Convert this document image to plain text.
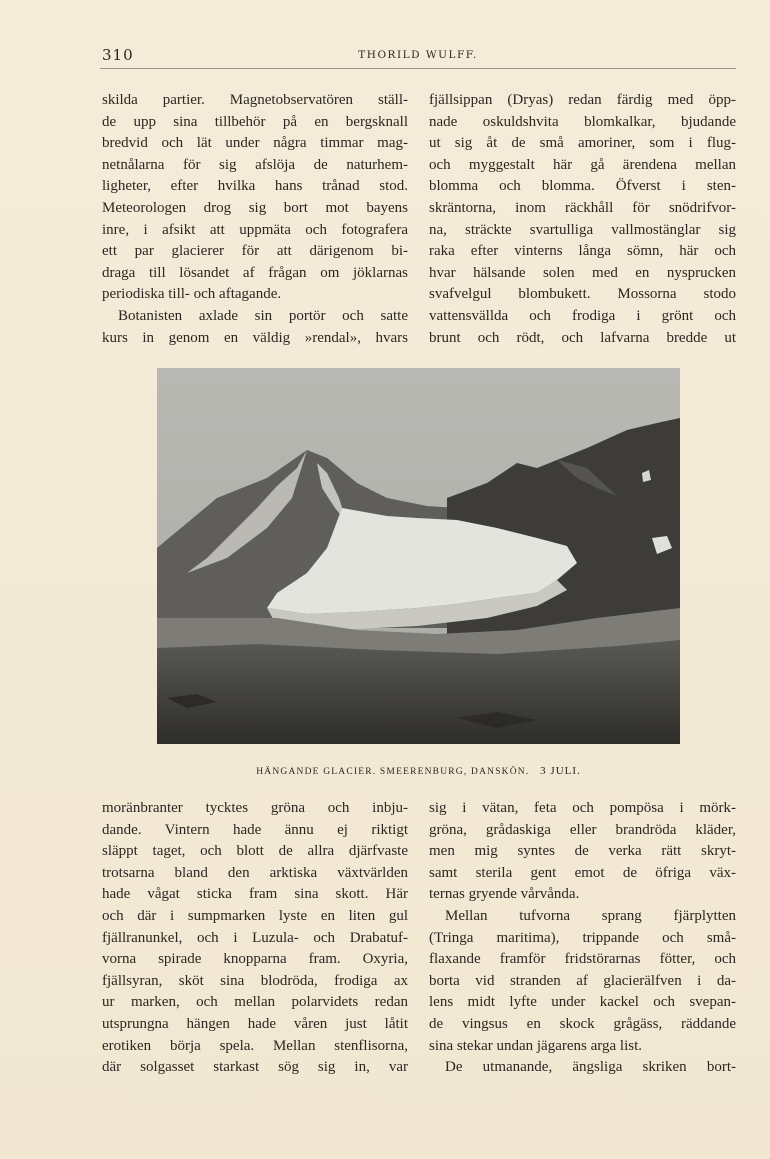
310	THORILD WULFF.
skilda partier. Magnetobservatören ställ-
de upp sina tillbehör på en bergsknall
bredvid och lät under några timmar mag-
netnålarna för sig afslöja de naturhem-
ligheter, efter hvilka hans trånad stod.
Meteorologen drog sig bort mot bayens
inre, i afsikt att uppmäta och fotografera
ett par glacierer för att därigenom bi-
draga till lösandet af frågan om jöklarnas
periodiska till- och aftagande.
Botanisten axlade sin portör och satte
kurs in genom en väldig »rendal», hvars
fjällsippan (Dryas) redan färdig med öpp-
nade oskuldshvita blomkalkar, bjudande
ut sig åt de små amoriner, som i flug-
och myggestalt här gå ärendena mellan
blomma och blomma. Öfverst i sten-
skräntorna, inom räckhåll för snödrifvor-
na, sträckte svartulliga vallmostänglar sig
raka efter vinterns långa sömn, här och
hvar hälsande solen med en nysprucken
svafvelgul blombukett. Mossorna stodo
vattensvällda och frodiga i grönt och
brunt och rödt, och lafvarna bredde ut
HÄNGANDE GLACIER. SMEERENBURG, DANSKÖN. 3 JULI.
moränbranter tycktes gröna och inbju-
dande. Vintern hade ännu ej riktigt
släppt taget, och blott de allra djärfvaste
trotsarna bland den arktiska växtvärlden
hade vågat sticka fram sina skott. Här
och där i sumpmarken lyste en liten gul
fjällranunkel, och i Luzula- och Drabatuf-
vorna spirade knopparna fram. Oxyria,
fjällsyran, sköt sina blodröda, frodiga ax
ur marken, och mellan polarvidets redan
utsprungna hängen hade våren just låtit
erotiken börja spela. Mellan stenflisorna,
där solgasset starkast sög sig in, var
sig i vätan, feta och pompösa i mörk-
gröna, grådaskiga eller brandröda kläder,
men mig syntes de verka rätt skryt-
samt sterila gent emot de öfriga väx-
ternas gryende vårvånda.
Mellan tufvorna sprang fjärplytten
(Tringa maritima), trippande och små-
flaxande framför fridstörarnas fötter, och
borta vid stranden af glacierälfven i da-
lens midt lyfte under kackel och svepan-
de vingsus en skock grågäss, räddande
sina stekar undan jägarens arga list.
De utmanande, ängsliga skriken bort-
